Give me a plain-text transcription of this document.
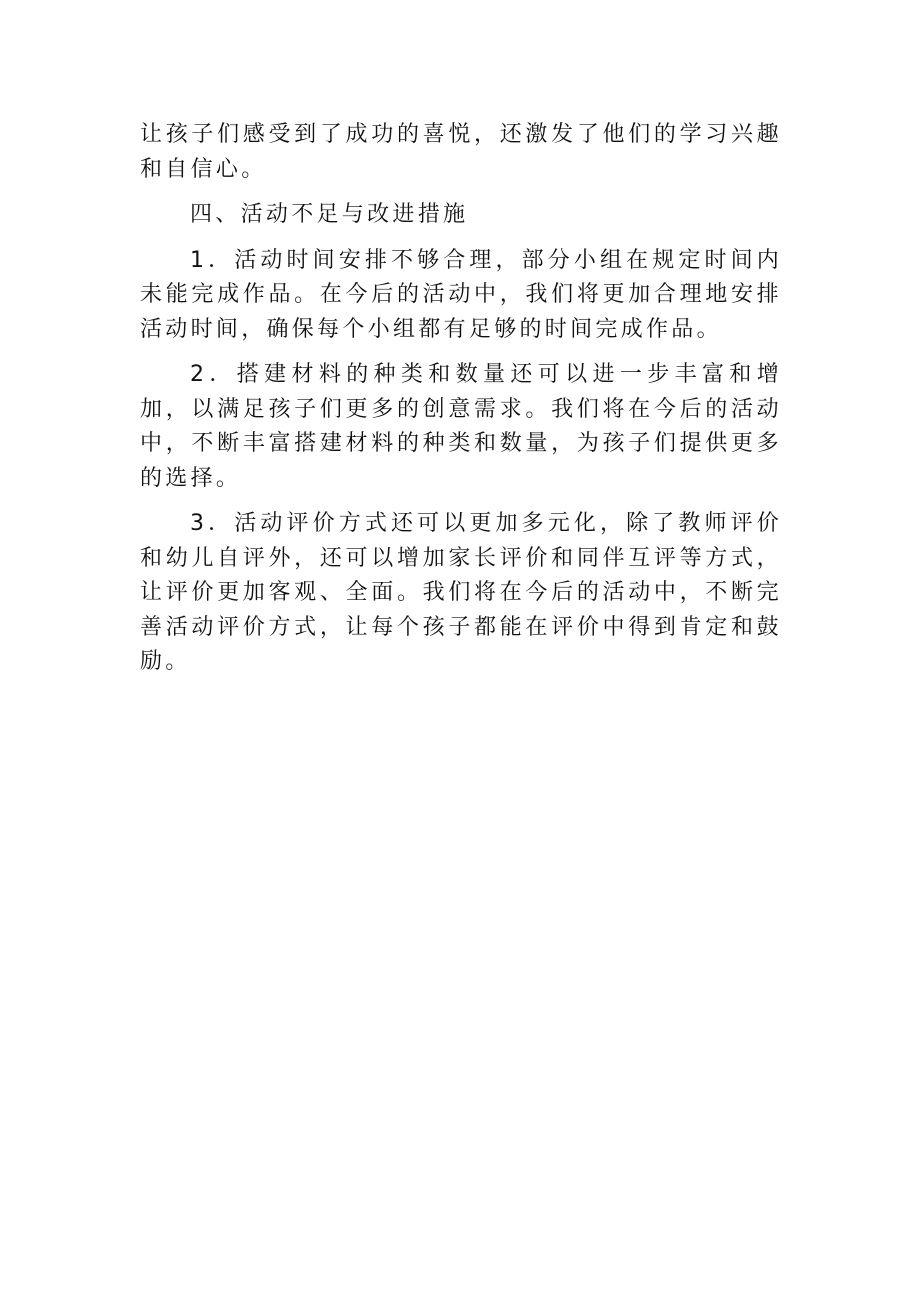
让孩子们感受到了成功的喜悦，还激发了他们的学习兴趣和自信心。

四、活动不足与改进措施

1．活动时间安排不够合理，部分小组在规定时间内未能完成作品。在今后的活动中，我们将更加合理地安排活动时间，确保每个小组都有足够的时间完成作品。

2．搭建材料的种类和数量还可以进一步丰富和增加，以满足孩子们更多的创意需求。我们将在今后的活动中，不断丰富搭建材料的种类和数量，为孩子们提供更多的选择。

3．活动评价方式还可以更加多元化，除了教师评价和幼儿自评外，还可以增加家长评价和同伴互评等方式，让评价更加客观、全面。我们将在今后的活动中，不断完善活动评价方式，让每个孩子都能在评价中得到肯定和鼓励。
